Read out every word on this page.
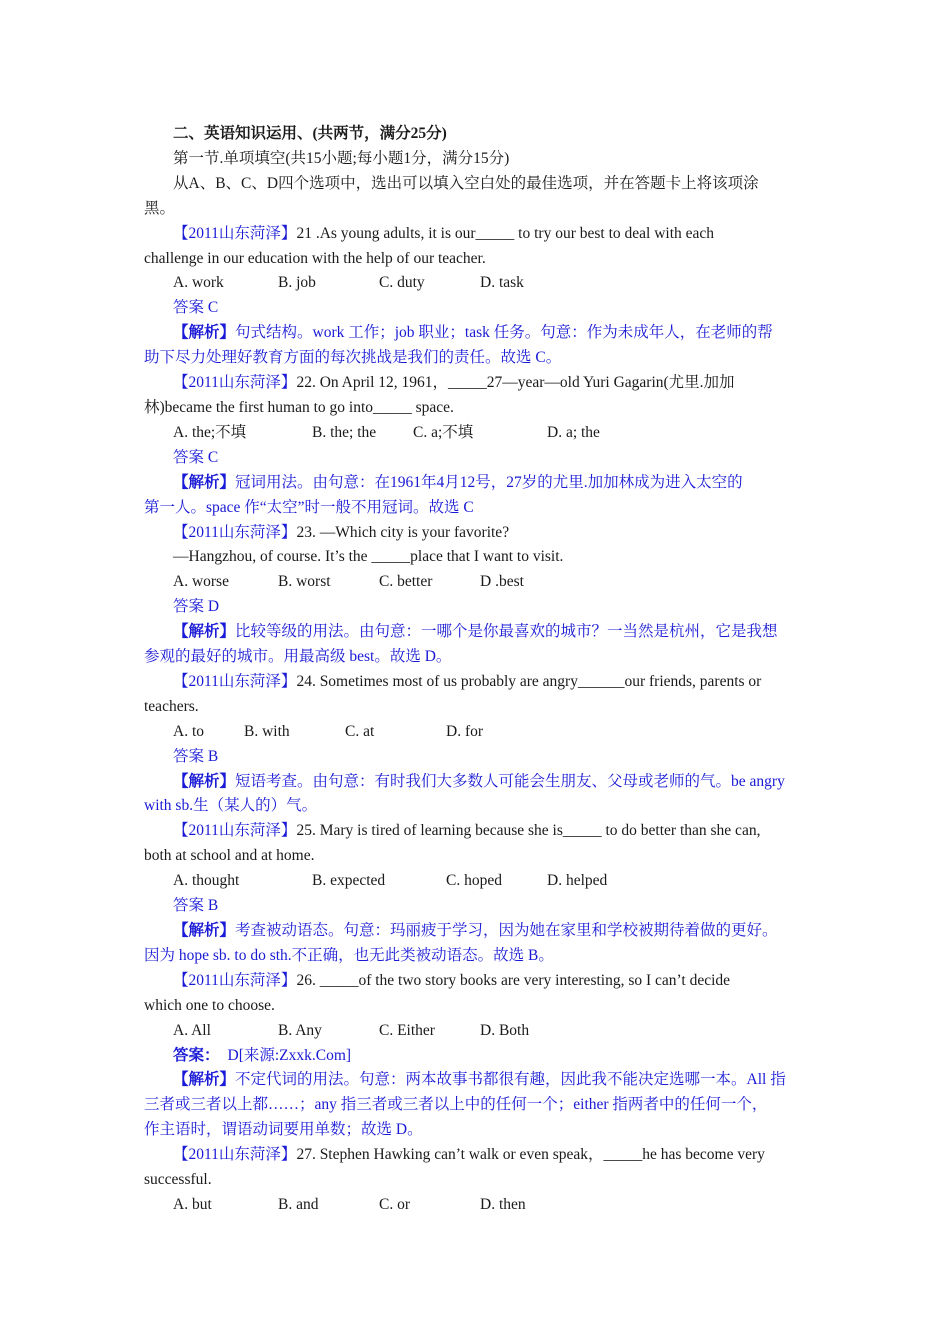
二、英语知识运用、(共两节，满分25分)
第一节.单项填空(共15小题;每小题1分，满分15分)
从A、B、C、D四个选项中，选出可以填入空白处的最佳选项，并在答题卡上将该项涂
黑。
【2011山东菏泽】21 .As young adults, it is our_____ to try our best to deal with each
challenge in our education with the help of our teacher.
A. work	B. job	C. duty	D. task
答案 C
【解析】句式结构。work 工作；job 职业；task 任务。句意：作为未成年人，在老师的帮
助下尽力处理好教育方面的每次挑战是我们的责任。故选 C。
【2011山东菏泽】22. On April 12, 1961，_____27—year—old Yuri Gagarin(尤里.加加
林)became the first human to go into_____ space.
A. the;不填	B. the; the	C. a;不填	D. a; the
答案 C
【解析】冠词用法。由句意：在1961年4月12号，27岁的尤里.加加林成为进入太空的
第一人。space 作“太空”时一般不用冠词。故选 C
【2011山东菏泽】23. —Which city is your favorite?
—Hangzhou, of course. It’s the _____place that I want to visit.
A. worse	B. worst	C. better	D .best
答案 D
【解析】比较等级的用法。由句意：一哪个是你最喜欢的城市？一当然是杭州，它是我想
参观的最好的城市。用最高级 best。故选 D。
【2011山东菏泽】24. Sometimes most of us probably are angry______our friends, parents or
teachers.
A. to	B. with	C. at	D. for
答案 B
【解析】短语考查。由句意：有时我们大多数人可能会生朋友、父母或老师的气。be angry
with sb.生（某人的）气。
【2011山东菏泽】25. Mary is tired of learning because she is_____ to do better than she can,
both at school and at home.
A. thought	B. expected	C. hoped	D. helped
答案 B
【解析】考查被动语态。句意：玛丽疲于学习，因为她在家里和学校被期待着做的更好。
因为 hope sb. to do sth.不正确，也无此类被动语态。故选 B。
【2011山东菏泽】26. _____of the two story books are very interesting, so I can’t decide
which one to choose.
A. All	B. Any	C. Either	D. Both
答案： D[来源:Zxxk.Com]
【解析】不定代词的用法。句意：两本故事书都很有趣，因此我不能决定选哪一本。All 指
三者或三者以上都……；any 指三者或三者以上中的任何一个；either 指两者中的任何一个，
作主语时，谓语动词要用单数；故选 D。
【2011山东菏泽】27. Stephen Hawking can’t walk or even speak，_____he has become very
successful.
A. but	B. and	C. or	D. then
